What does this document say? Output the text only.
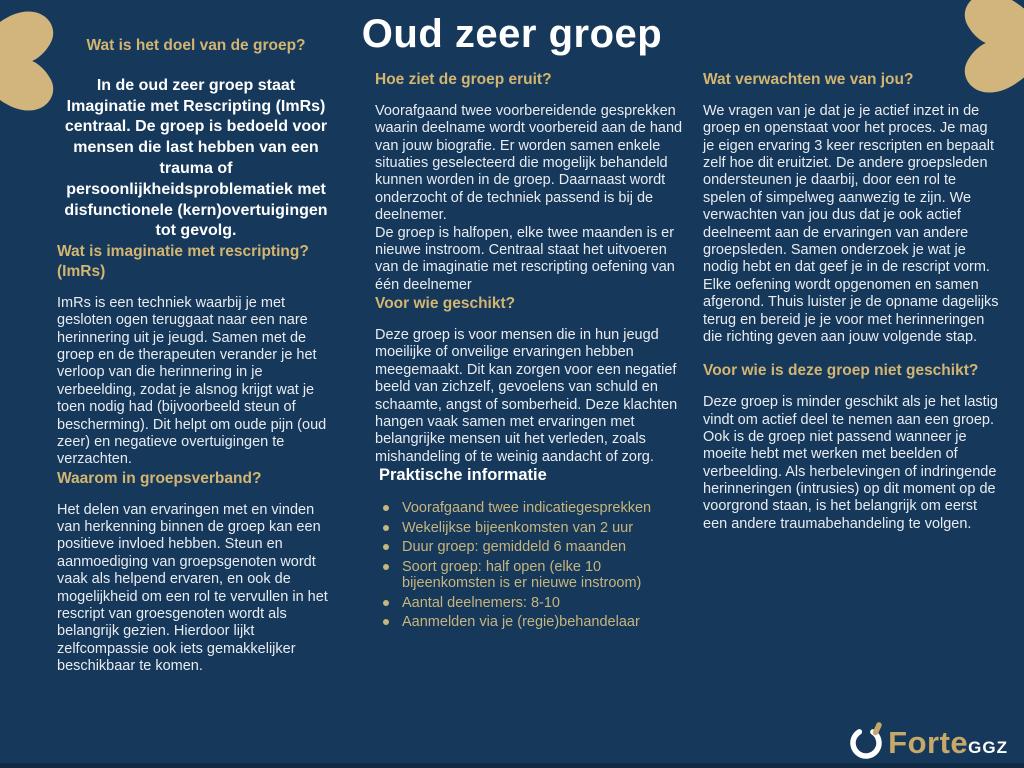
Oud zeer groep
Wat is het doel van de groep?

In de oud zeer groep staat Imaginatie met Rescripting (ImRs) centraal. De groep is bedoeld voor mensen die last hebben van een trauma of persoonlijkheidsproblematiek met disfunctionele (kern)overtuigingen tot gevolg.

Wat is imaginatie met rescripting? (ImRs)

ImRs is een techniek waarbij je met gesloten ogen teruggaat naar een nare herinnering uit je jeugd. Samen met de groep en de therapeuten verander je het verloop van die herinnering in je verbeelding, zodat je alsnog krijgt wat je toen nodig had (bijvoorbeeld steun of bescherming). Dit helpt om oude pijn (oud zeer) en negatieve overtuigingen te verzachten.

Waarom in groepsverband?

Het delen van ervaringen met en vinden van herkenning binnen de groep kan een positieve invloed hebben. Steun en aanmoediging van groepsgenoten wordt vaak als helpend ervaren, en ook de mogelijkheid om een rol te vervullen in het rescript van groesgenoten wordt als belangrijk gezien. Hierdoor lijkt zelfcompassie ook iets gemakkelijker beschikbaar te komen.

Hoe ziet de groep eruit?

Voorafgaand twee voorbereidende gesprekken waarin deelname wordt voorbereid aan de hand van jouw biografie. Er worden samen enkele situaties geselecteerd die mogelijk behandeld kunnen worden in de groep. Daarnaast wordt onderzocht of de techniek passend is bij de deelnemer.

De groep is halfopen, elke twee maanden is er nieuwe instroom. Centraal staat het uitvoeren van de imaginatie met rescripting oefening van één deelnemer

Voor wie geschikt?

Deze groep is voor mensen die in hun jeugd moeilijke of onveilige ervaringen hebben meegemaakt. Dit kan zorgen voor een negatief beeld van zichzelf, gevoelens van schuld en schaamte, angst of somberheid. Deze klachten hangen vaak samen met ervaringen met belangrijke mensen uit het verleden, zoals mishandeling of te weinig aandacht of zorg.

Praktische informatie
Voorafgaand twee indicatiegesprekken
Wekelijkse bijeenkomsten van 2 uur
Duur groep: gemiddeld 6 maanden
Soort groep: half open (elke 10 bijeenkomsten is er nieuwe instroom)
Aantal deelnemers: 8-10
Aanmelden via je (regie)behandelaar
Wat verwachten we van jou?

We vragen van je dat je je actief inzet in de groep en openstaat voor het proces. Je mag je eigen ervaring 3 keer rescripten en bepaalt zelf hoe dit eruitziet. De andere groepsleden ondersteunen je daarbij, door een rol te spelen of simpelweg aanwezig te zijn. We verwachten van jou dus dat je ook actief deelneemt aan de ervaringen van andere groepsleden. Samen onderzoek je wat je nodig hebt en dat geef je in de rescript vorm. Elke oefening wordt opgenomen en samen afgerond. Thuis luister je de opname dagelijks terug en bereid je je voor met herinneringen die richting geven aan jouw volgende stap.

Voor wie is deze groep niet geschikt?

Deze groep is minder geschikt als je het lastig vindt om actief deel te nemen aan een groep. Ook is de groep niet passend wanneer je moeite hebt met werken met beelden of verbeelding. Als herbelevingen of indringende herinneringen (intrusies) op dit moment op de voorgrond staan, is het belangrijk om eerst een andere traumabehandeling te volgen.

Forte GGZ
